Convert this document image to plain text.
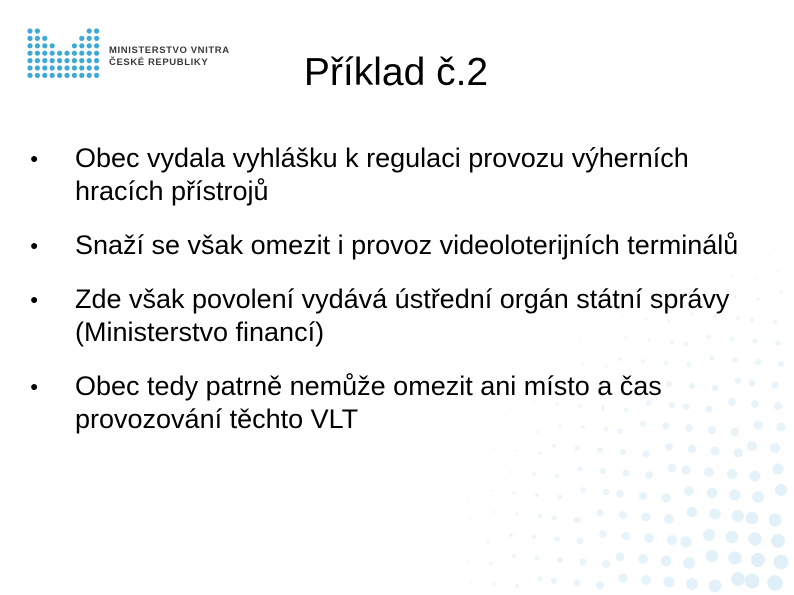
MINISTERSTVO VNITRA
ČESKÉ REPUBLIKY	Příklad č.2
● Obec vydala vyhlášku k regulaci provozu výherních hracích přístrojů
● Snaží se však omezit i provoz videoloterijních terminálů
● Zde však povolení vydává ústřední orgán státní správy (Ministerstvo financí)
● Obec tedy patrně nemůže omezit ani místo a čas provozování těchto VLT
